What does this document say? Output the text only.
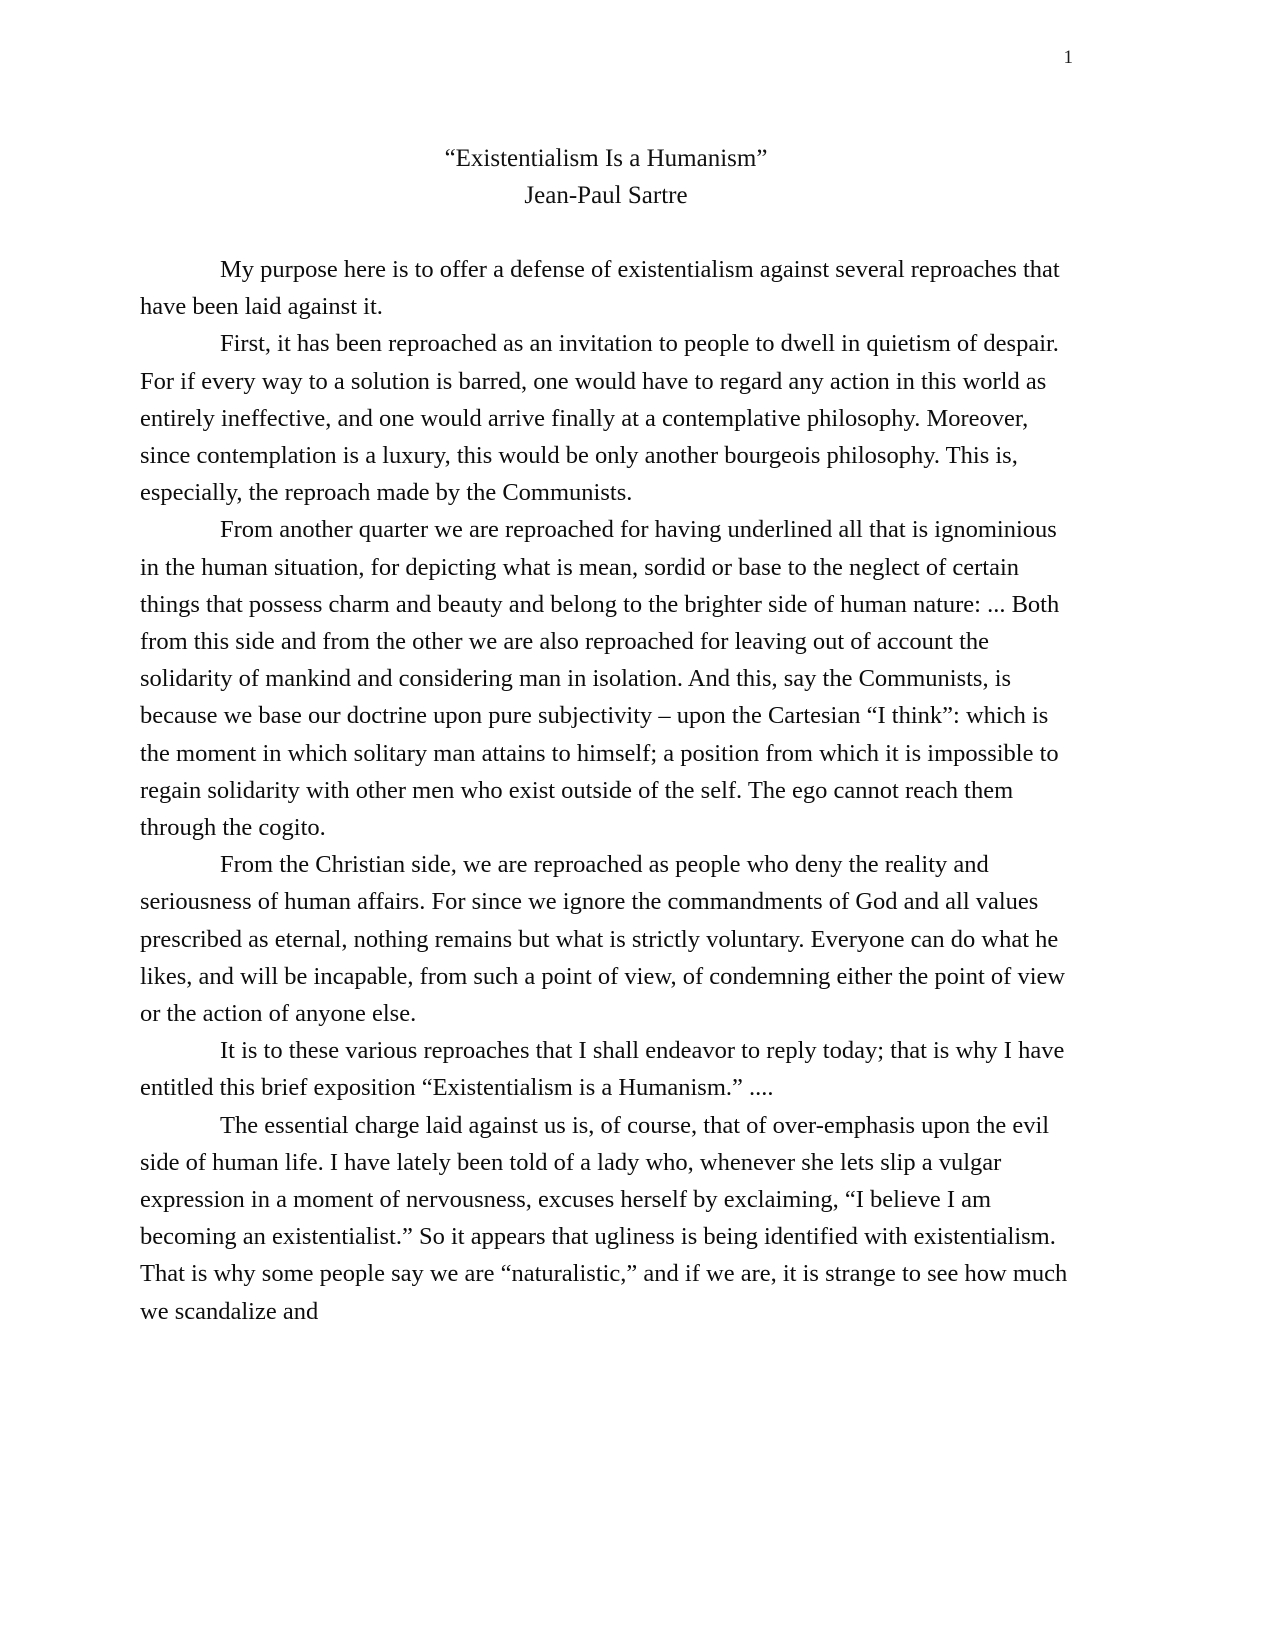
1
“Existentialism Is a Humanism”
Jean-Paul Sartre

My purpose here is to offer a defense of existentialism against several reproaches that have been laid against it.

First, it has been reproached as an invitation to people to dwell in quietism of despair. For if every way to a solution is barred, one would have to regard any action in this world as entirely ineffective, and one would arrive finally at a contemplative philosophy. Moreover, since contemplation is a luxury, this would be only another bourgeois philosophy. This is, especially, the reproach made by the Communists.

From another quarter we are reproached for having underlined all that is ignominious in the human situation, for depicting what is mean, sordid or base to the neglect of certain things that possess charm and beauty and belong to the brighter side of human nature: ... Both from this side and from the other we are also reproached for leaving out of account the solidarity of mankind and considering man in isolation. And this, say the Communists, is because we base our doctrine upon pure subjectivity – upon the Cartesian “I think”: which is the moment in which solitary man attains to himself; a position from which it is impossible to regain solidarity with other men who exist outside of the self. The ego cannot reach them through the cogito.

From the Christian side, we are reproached as people who deny the reality and seriousness of human affairs. For since we ignore the commandments of God and all values prescribed as eternal, nothing remains but what is strictly voluntary. Everyone can do what he likes, and will be incapable, from such a point of view, of condemning either the point of view or the action of anyone else.

It is to these various reproaches that I shall endeavor to reply today; that is why I have entitled this brief exposition “Existentialism is a Humanism.” ....

The essential charge laid against us is, of course, that of over-emphasis upon the evil side of human life. I have lately been told of a lady who, whenever she lets slip a vulgar expression in a moment of nervousness, excuses herself by exclaiming, “I believe I am becoming an existentialist.” So it appears that ugliness is being identified with existentialism. That is why some people say we are “naturalistic,” and if we are, it is strange to see how much we scandalize and
